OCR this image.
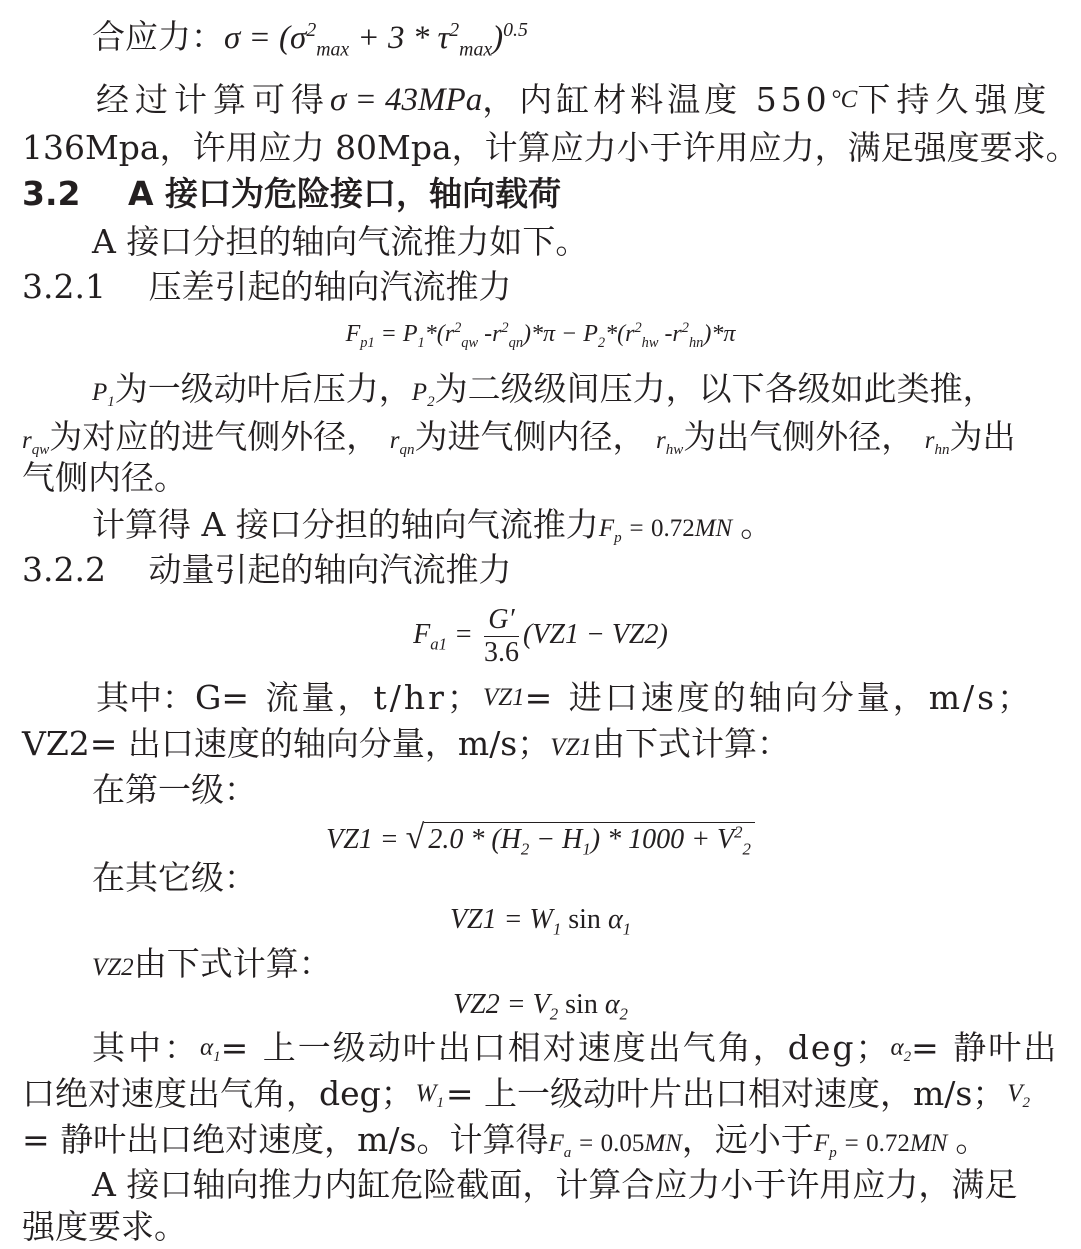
合应力：$\sigma = (\sigma^2_{max} + 3 * \tau^2_{max})^{0.5}$
经过计算可得 σ = 43MPa ，内缸材料温度 550 °C 下持久强度
136Mpa，许用应力 80Mpa，计算应力小于许用应力，满足强度要求。
3.2 A 接口为危险接口，轴向载荷
A 接口分担的轴向气流推力如下。
3.2.1 压差引起的轴向汽流推力
$F_{p1} = P_1*(r^2_{qw}$ $-r^2_{qn})*\pi - P_2*(r^2_{hw}$ $-r^2_{hn})*\pi$
$P_1$为一级动叶后压力，$P_2$为二级级间压力，以下各级如此类推，
$r_{qw}$为对应的进气侧外径， $r_{qn}$为进气侧内径， $r_{hw}$为出气侧外径， $r_{hn}$为出
气侧内径。
计算得 A 接口分担的轴向气流推力$F_p = 0.72MN$ 。
3.2.2 动量引起的轴向汽流推力
$F_{a1} = \frac{G'}{3.6} (VZ1 - VZ2)$
其中：G = 流量，t/hr； VZ1 = 进口速度的轴向分量，m/s；
VZ2= 出口速度的轴向分量，m/s；VZ1由下式计算：
在第一级：
VZ1 = √ $2.0 * (H_2 - H_1) * 1000 + V^2_2$
在其它级：
$VZ1 = W_1$ $\sin \alpha_1$
VZ2由下式计算：
$VZ2 = V_2$ $\sin \alpha_2$
其中： $\alpha_1$ = 上一级动叶出口相对速度出气角，deg； $\alpha_2$ = 静叶出
口绝对速度出气角，deg； $W_1$ = 上一级动叶片出口相对速度，m/s； $V_2$
= 静叶出口绝对速度，m/s。计算得$F_a = 0.05MN$，远小于$F_p = 0.72MN$ 。
A 接口轴向推力内缸危险截面，计算合应力小于许用应力，满足
强度要求。
